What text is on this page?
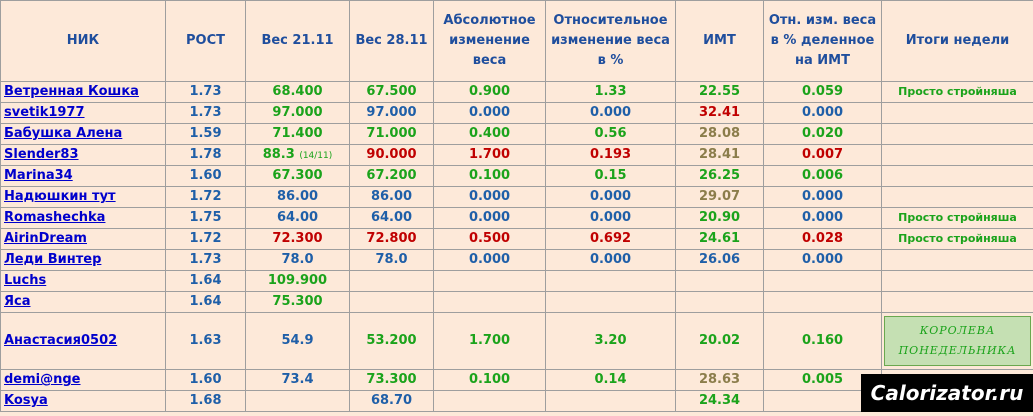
НИК	РОСТ	Вес 21.11	Вес 28.11	Абсолютное изменение веса	Относительное изменение веса в %	ИМТ	Отн. изм. веса в % деленное на ИМТ	Итоги недели
Ветренная Кошка	1.73	68.400	67.500	0.900	1.33	22.55	0.059	Просто стройняша
svetik1977	1.73	97.000	97.000	0.000	0.000	32.41	0.000	
Бабушка Алена	1.59	71.400	71.000	0.400	0.56	28.08	0.020	
Slender83	1.78	88.3 (14/11)	90.000	1.700	0.193	28.41	0.007	
Marina34	1.60	67.300	67.200	0.100	0.15	26.25	0.006	
Надюшкин тут	1.72	86.00	86.00	0.000	0.000	29.07	0.000	
Romashechka	1.75	64.00	64.00	0.000	0.000	20.90	0.000	Просто стройняша
AirinDream	1.72	72.300	72.800	0.500	0.692	24.61	0.028	Просто стройняша
Леди Винтер	1.73	78.0	78.0	0.000	0.000	26.06	0.000	
Luchs	1.64	109.900						
Яса	1.64	75.300						
Анастасия0502	1.63	54.9	53.200	1.700	3.20	20.02	0.160	КОРОЛЕВА ПОНЕДЕЛЬНИКА

demi@nge	1.60	73.4	73.300	0.100	0.14	28.63	0.005	
Kosya	1.68		68.70			24.34			Calorizator.ru
